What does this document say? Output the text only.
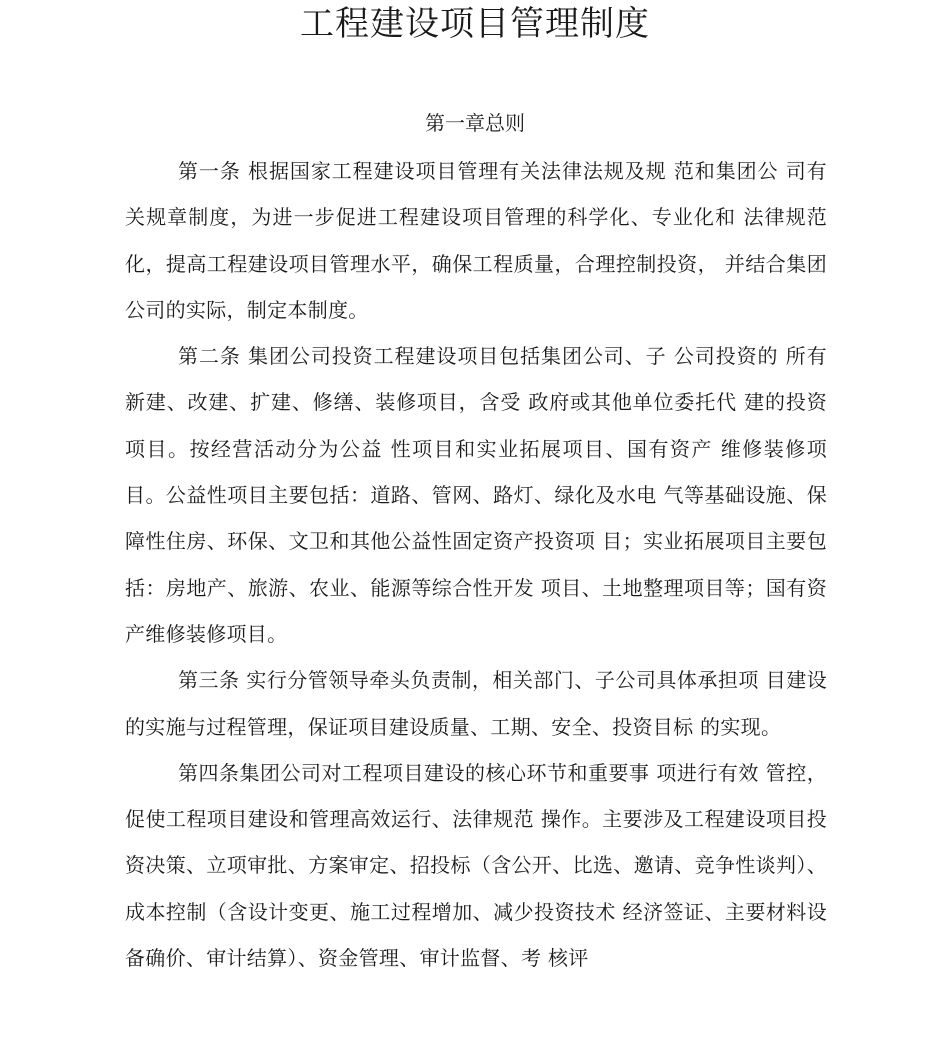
工程建设项目管理制度
第一章总则

第一条 根据国家工程建设项目管理有关法律法规及规 范和集团公 司有关规章制度，为进一步促进工程建设项目管理的科学化、专业化和 法律规范化，提高工程建设项目管理水平，确保工程质量，合理控制投资， 并结合集团公司的实际，制定本制度。

第二条 集团公司投资工程建设项目包括集团公司、子 公司投资的 所有新建、改建、扩建、修缮、装修项目，含受 政府或其他单位委托代 建的投资项目。按经营活动分为公益 性项目和实业拓展项目、国有资产 维修装修项目。公益性项目主要包括：道路、管网、路灯、绿化及水电 气等基础设施、保障性住房、环保、文卫和其他公益性固定资产投资项 目；实业拓展项目主要包括：房地产、旅游、农业、能源等综合性开发 项目、土地整理项目等；国有资产维修装修项目。

第三条 实行分管领导牵头负责制，相关部门、子公司具体承担项 目建设的实施与过程管理，保证项目建设质量、工期、安全、投资目标 的实现。

第四条集团公司对工程项目建设的核心环节和重要事 项进行有效 管控，促使工程项目建设和管理高效运行、法律规范 操作。主要涉及工程建设项目投资决策、立项审批、方案审定、招投标（含公开、比选、邀请、竞争性谈判）、成本控制（含设计变更、施工过程增加、减少投资技术 经济签证、主要材料设备确价、审计结算）、资金管理、审计监督、考 核评
